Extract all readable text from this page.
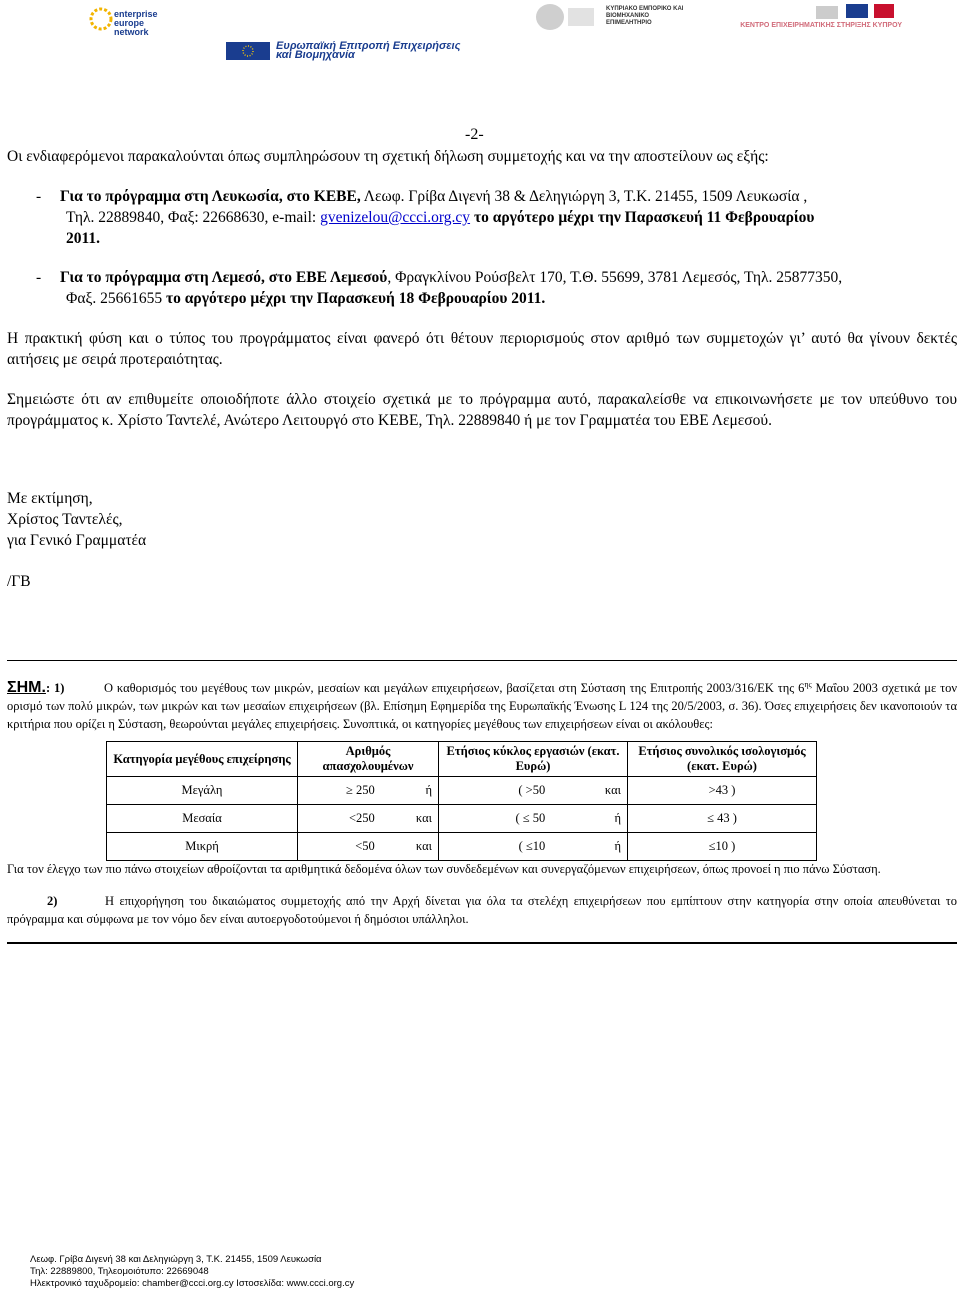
enterprise europe network
Ευρωπαϊκή Επιτροπή Επιχειρήσεις και Βιομηχανία
ΚΥΠΡΙΑΚΟ ΕΜΠΟΡΙΚΟ ΚΑΙ ΒΙΟΜΗΧΑΝΙΚΟ ΕΠΙΜΕΛΗΤΗΡΙΟ	ΚΕΝΤΡΟ ΕΠΙΧΕΙΡΗΜΑΤΙΚΗΣ ΣΤΗΡΙΞΗΣ ΚΥΠΡΟΥ
-2-
Οι ενδιαφερόμενοι παρακαλούνται όπως συμπληρώσουν τη σχετική δήλωση συμμετοχής και να την αποστείλουν ως εξής:
- Για το πρόγραμμα στη Λευκωσία, στο ΚΕΒΕ, Λεωφ. Γρίβα Διγενή 38 & Δεληγιώργη 3, Τ.Κ. 21455, 1509 Λευκωσία ,
Τηλ. 22889840, Φαξ: 22668630, e-mail: gvenizelou@ccci.org.cy το αργότερο μέχρι την Παρασκευή 11 Φεβρουαρίου
2011.
- Για το πρόγραμμα στη Λεμεσό, στο ΕΒΕ Λεμεσού, Φραγκλίνου Ρούσβελτ 170, Τ.Θ. 55699, 3781 Λεμεσός, Τηλ. 25877350,
Φαξ. 25661655 το αργότερο μέχρι την Παρασκευή 18 Φεβρουαρίου 2011.
Η πρακτική φύση και ο τύπος του προγράμματος είναι φανερό ότι θέτουν περιορισμούς στον αριθμό των συμμετοχών γι’ αυτό θα γίνουν δεκτές αιτήσεις με σειρά προτεραιότητας.
Σημειώστε ότι αν επιθυμείτε οποιοδήποτε άλλο στοιχείο σχετικά με το πρόγραμμα αυτό, παρακαλείσθε να επικοινωνήσετε με τον υπεύθυνο του προγράμματος κ. Χρίστο Ταντελέ, Ανώτερο Λειτουργό στο ΚΕΒΕ, Τηλ. 22889840 ή με τον Γραμματέα του ΕΒΕ Λεμεσού.
Με εκτίμηση,
Χρίστος Ταντελές,
για Γενικό Γραμματέα
/ΓΒ
ΣΗΜ.: 1)	Ο καθορισμός του μεγέθους των μικρών, μεσαίων και μεγάλων επιχειρήσεων, βασίζεται στη Σύσταση της Επιτροπής 2003/316/ΕΚ της $6^{\eta\varsigma}$ Μαΐου 2003 σχετικά με τον ορισμό των πολύ μικρών, των μικρών και των μεσαίων επιχειρήσεων (βλ. Επίσημη Εφημερίδα της Ευρωπαϊκής Ένωσης L 124 της 20/5/2003, σ. 36). Όσες επιχειρήσεις δεν ικανοποιούν τα κριτήρια που ορίζει η Σύσταση, θεωρούνται μεγάλες επιχειρήσεις. Συνοπτικά, οι κατηγορίες μεγέθους των επιχειρήσεων είναι οι ακόλουθες:
Κατηγορία μεγέθους επιχείρησης	Αριθμός απασχολουμένων		Ετήσιος κύκλος εργασιών (εκατ. Ευρώ)		Ετήσιος συνολικός ισολογισμός (εκατ. Ευρώ)
Μεγάλη	≥ 250	ή	( >50	και	>43 )
Μεσαία	<250	και	( ≤ 50	ή	≤ 43 )
Μικρή	<50	και	( ≤10	ή	≤10 )
Για τον έλεγχο των πιο πάνω στοιχείων αθροίζονται τα αριθμητικά δεδομένα όλων των συνδεδεμένων και συνεργαζόμενων επιχειρήσεων, όπως προνοεί η πιο πάνω Σύσταση.
2)	Η επιχορήγηση του δικαιώματος συμμετοχής από την Αρχή δίνεται για όλα τα στελέχη επιχειρήσεων που εμπίπτουν στην κατηγορία στην οποία απευθύνεται το πρόγραμμα και σύμφωνα με τον νόμο δεν είναι αυτοεργοδοτούμενοι ή δημόσιοι υπάλληλοι.
Λεωφ. Γρίβα Διγενή 38 και Δεληγιώργη 3, Τ.Κ. 21455, 1509 Λευκωσία
Τηλ: 22889800, Τηλεομοιότυπο: 22669048
Ηλεκτρονικό ταχυδρομείο: chamber@ccci.org.cy Ιστοσελίδα: www.ccci.org.cy
